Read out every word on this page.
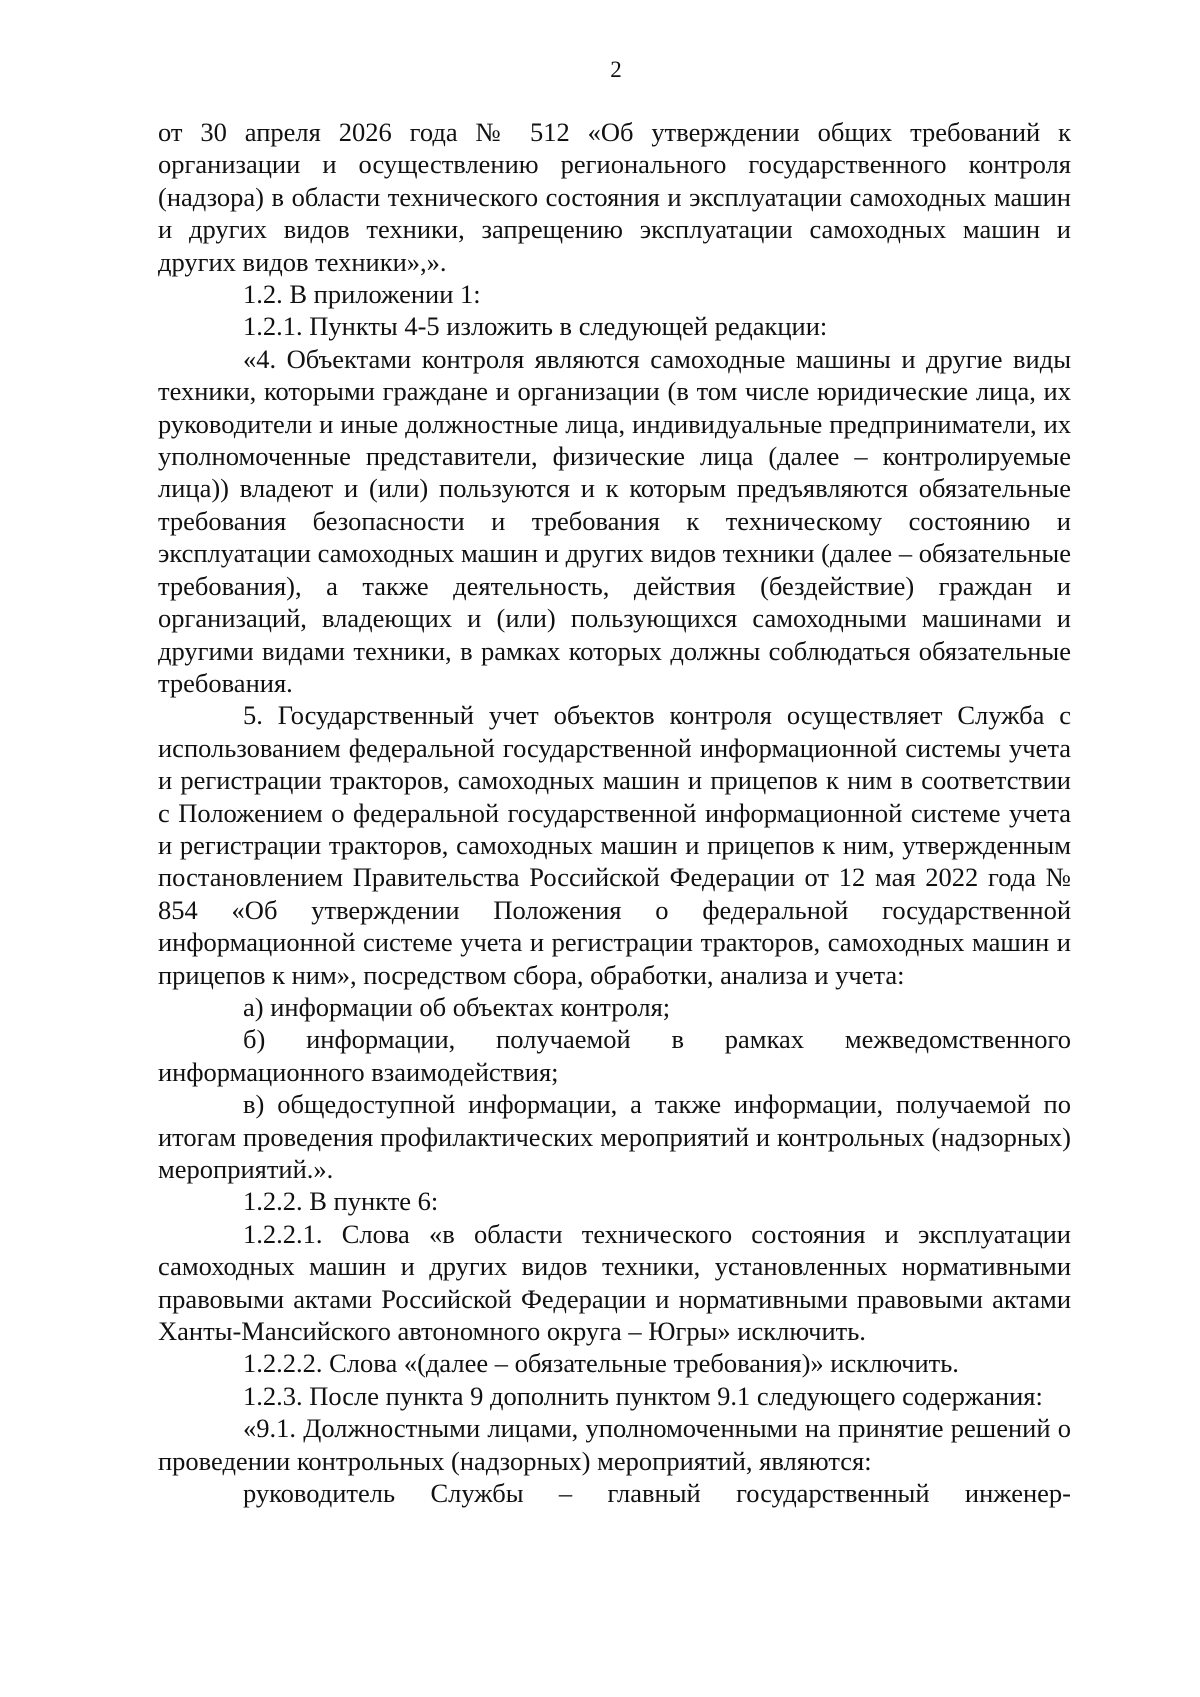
2

от 30 апреля 2026 года № 512 «Об утверждении общих требований к организации и осуществлению регионального государственного контроля (надзора) в области технического состояния и эксплуатации самоходных машин и других видов техники, запрещению эксплуатации самоходных машин и других видов техники»,».

1.2. В приложении 1:

1.2.1. Пункты 4-5 изложить в следующей редакции:

«4. Объектами контроля являются самоходные машины и другие виды техники, которыми граждане и организации (в том числе юридические лица, их руководители и иные должностные лица, индивидуальные предприниматели, их уполномоченные представители, физические лица (далее – контролируемые лица)) владеют и (или) пользуются и к которым предъявляются обязательные требования безопасности и требования к техническому состоянию и эксплуатации самоходных машин и других видов техники (далее – обязательные требования), а также деятельность, действия (бездействие) граждан и организаций, владеющих и (или) пользующихся самоходными машинами и другими видами техники, в рамках которых должны соблюдаться обязательные требования.

5. Государственный учет объектов контроля осуществляет Служба с использованием федеральной государственной информационной системы учета и регистрации тракторов, самоходных машин и прицепов к ним в соответствии с Положением о федеральной государственной информационной системе учета и регистрации тракторов, самоходных машин и прицепов к ним, утвержденным постановлением Правительства Российской Федерации от 12 мая 2022 года № 854 «Об утверждении Положения о федеральной государственной информационной системе учета и регистрации тракторов, самоходных машин и прицепов к ним», посредством сбора, обработки, анализа и учета:

а) информации об объектах контроля;

б) информации, получаемой в рамках межведомственного информационного взаимодействия;

в) общедоступной информации, а также информации, получаемой по итогам проведения профилактических мероприятий и контрольных (надзорных) мероприятий.».

1.2.2. В пункте 6:

1.2.2.1. Слова «в области технического состояния и эксплуатации самоходных машин и других видов техники, установленных нормативными правовыми актами Российской Федерации и нормативными правовыми актами Ханты-Мансийского автономного округа – Югры» исключить.

1.2.2.2. Слова «(далее – обязательные требования)» исключить.

1.2.3. После пункта 9 дополнить пунктом 9.1 следующего содержания:

«9.1. Должностными лицами, уполномоченными на принятие решений о проведении контрольных (надзорных) мероприятий, являются:

руководитель Службы – главный государственный инженер-
